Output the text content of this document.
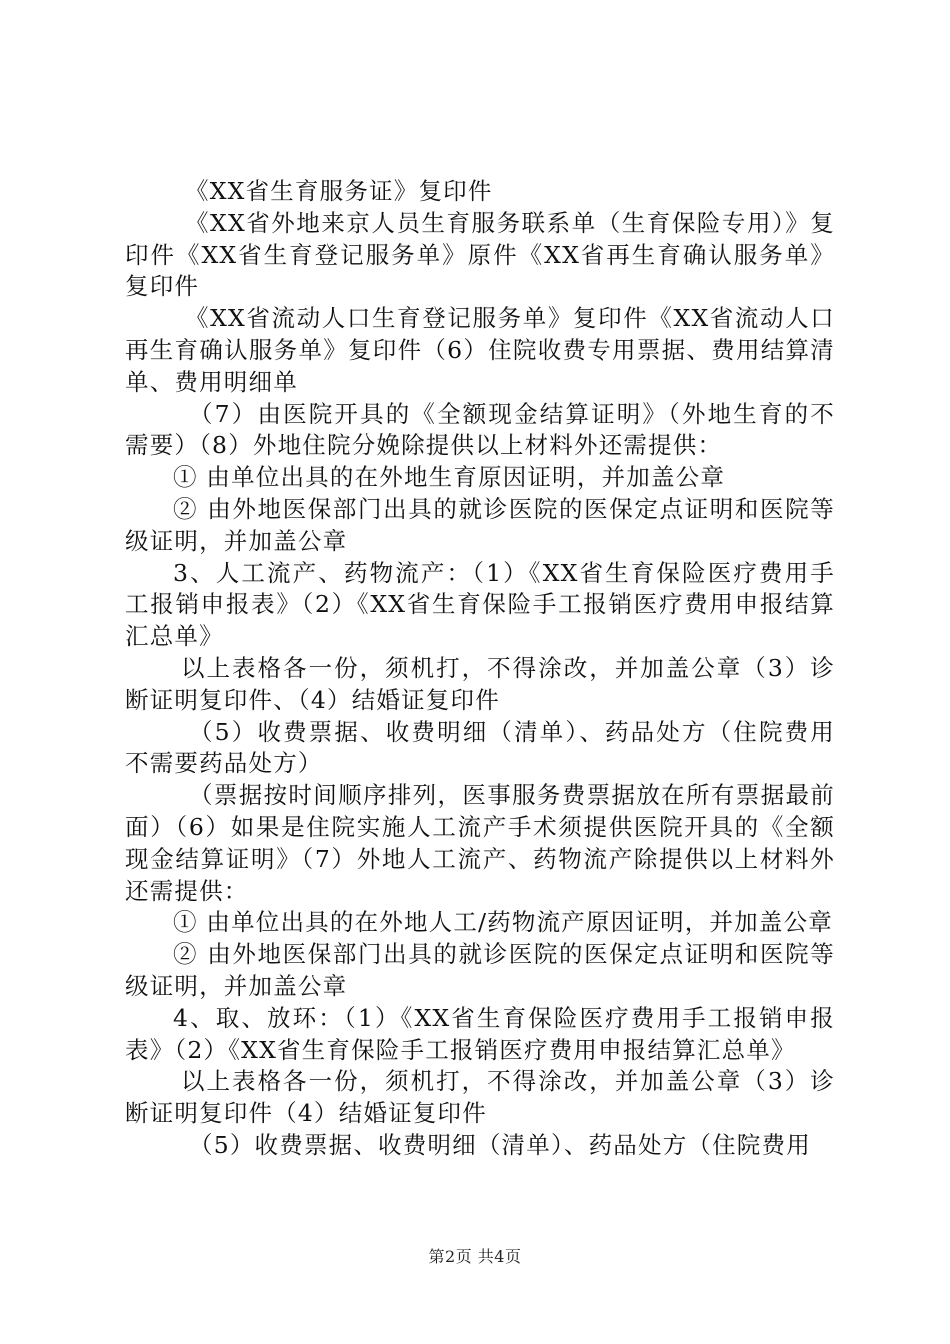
《XX省生育服务证》复印件

《XX省外地来京人员生育服务联系单（生育保险专用）》复印件《XX省生育登记服务单》原件《XX省再生育确认服务单》复印件

《XX省流动人口生育登记服务单》复印件《XX省流动人口再生育确认服务单》复印件（6）住院收费专用票据、费用结算清单、费用明细单

（7）由医院开具的《全额现金结算证明》（外地生育的不需要）（8）外地住院分娩除提供以上材料外还需提供：

① 由单位出具的在外地生育原因证明，并加盖公章

② 由外地医保部门出具的就诊医院的医保定点证明和医院等级证明，并加盖公章

3、人工流产、药物流产：（1）《XX省生育保险医疗费用手工报销申报表》（2）《XX省生育保险手工报销医疗费用申报结算汇总单》

以上表格各一份，须机打，不得涂改，并加盖公章（3）诊断证明复印件、（4）结婚证复印件

（5）收费票据、收费明细（清单）、药品处方（住院费用不需要药品处方）

（票据按时间顺序排列，医事服务费票据放在所有票据最前面）（6）如果是住院实施人工流产手术须提供医院开具的《全额现金结算证明》（7）外地人工流产、药物流产除提供以上材料外还需提供：

① 由单位出具的在外地人工/药物流产原因证明，并加盖公章

② 由外地医保部门出具的就诊医院的医保定点证明和医院等级证明，并加盖公章

4、取、放环：（1）《XX省生育保险医疗费用手工报销申报表》（2）《XX省生育保险手工报销医疗费用申报结算汇总单》

以上表格各一份，须机打，不得涂改，并加盖公章（3）诊断证明复印件（4）结婚证复印件

（5）收费票据、收费明细（清单）、药品处方（住院费用

第2页 共4页
